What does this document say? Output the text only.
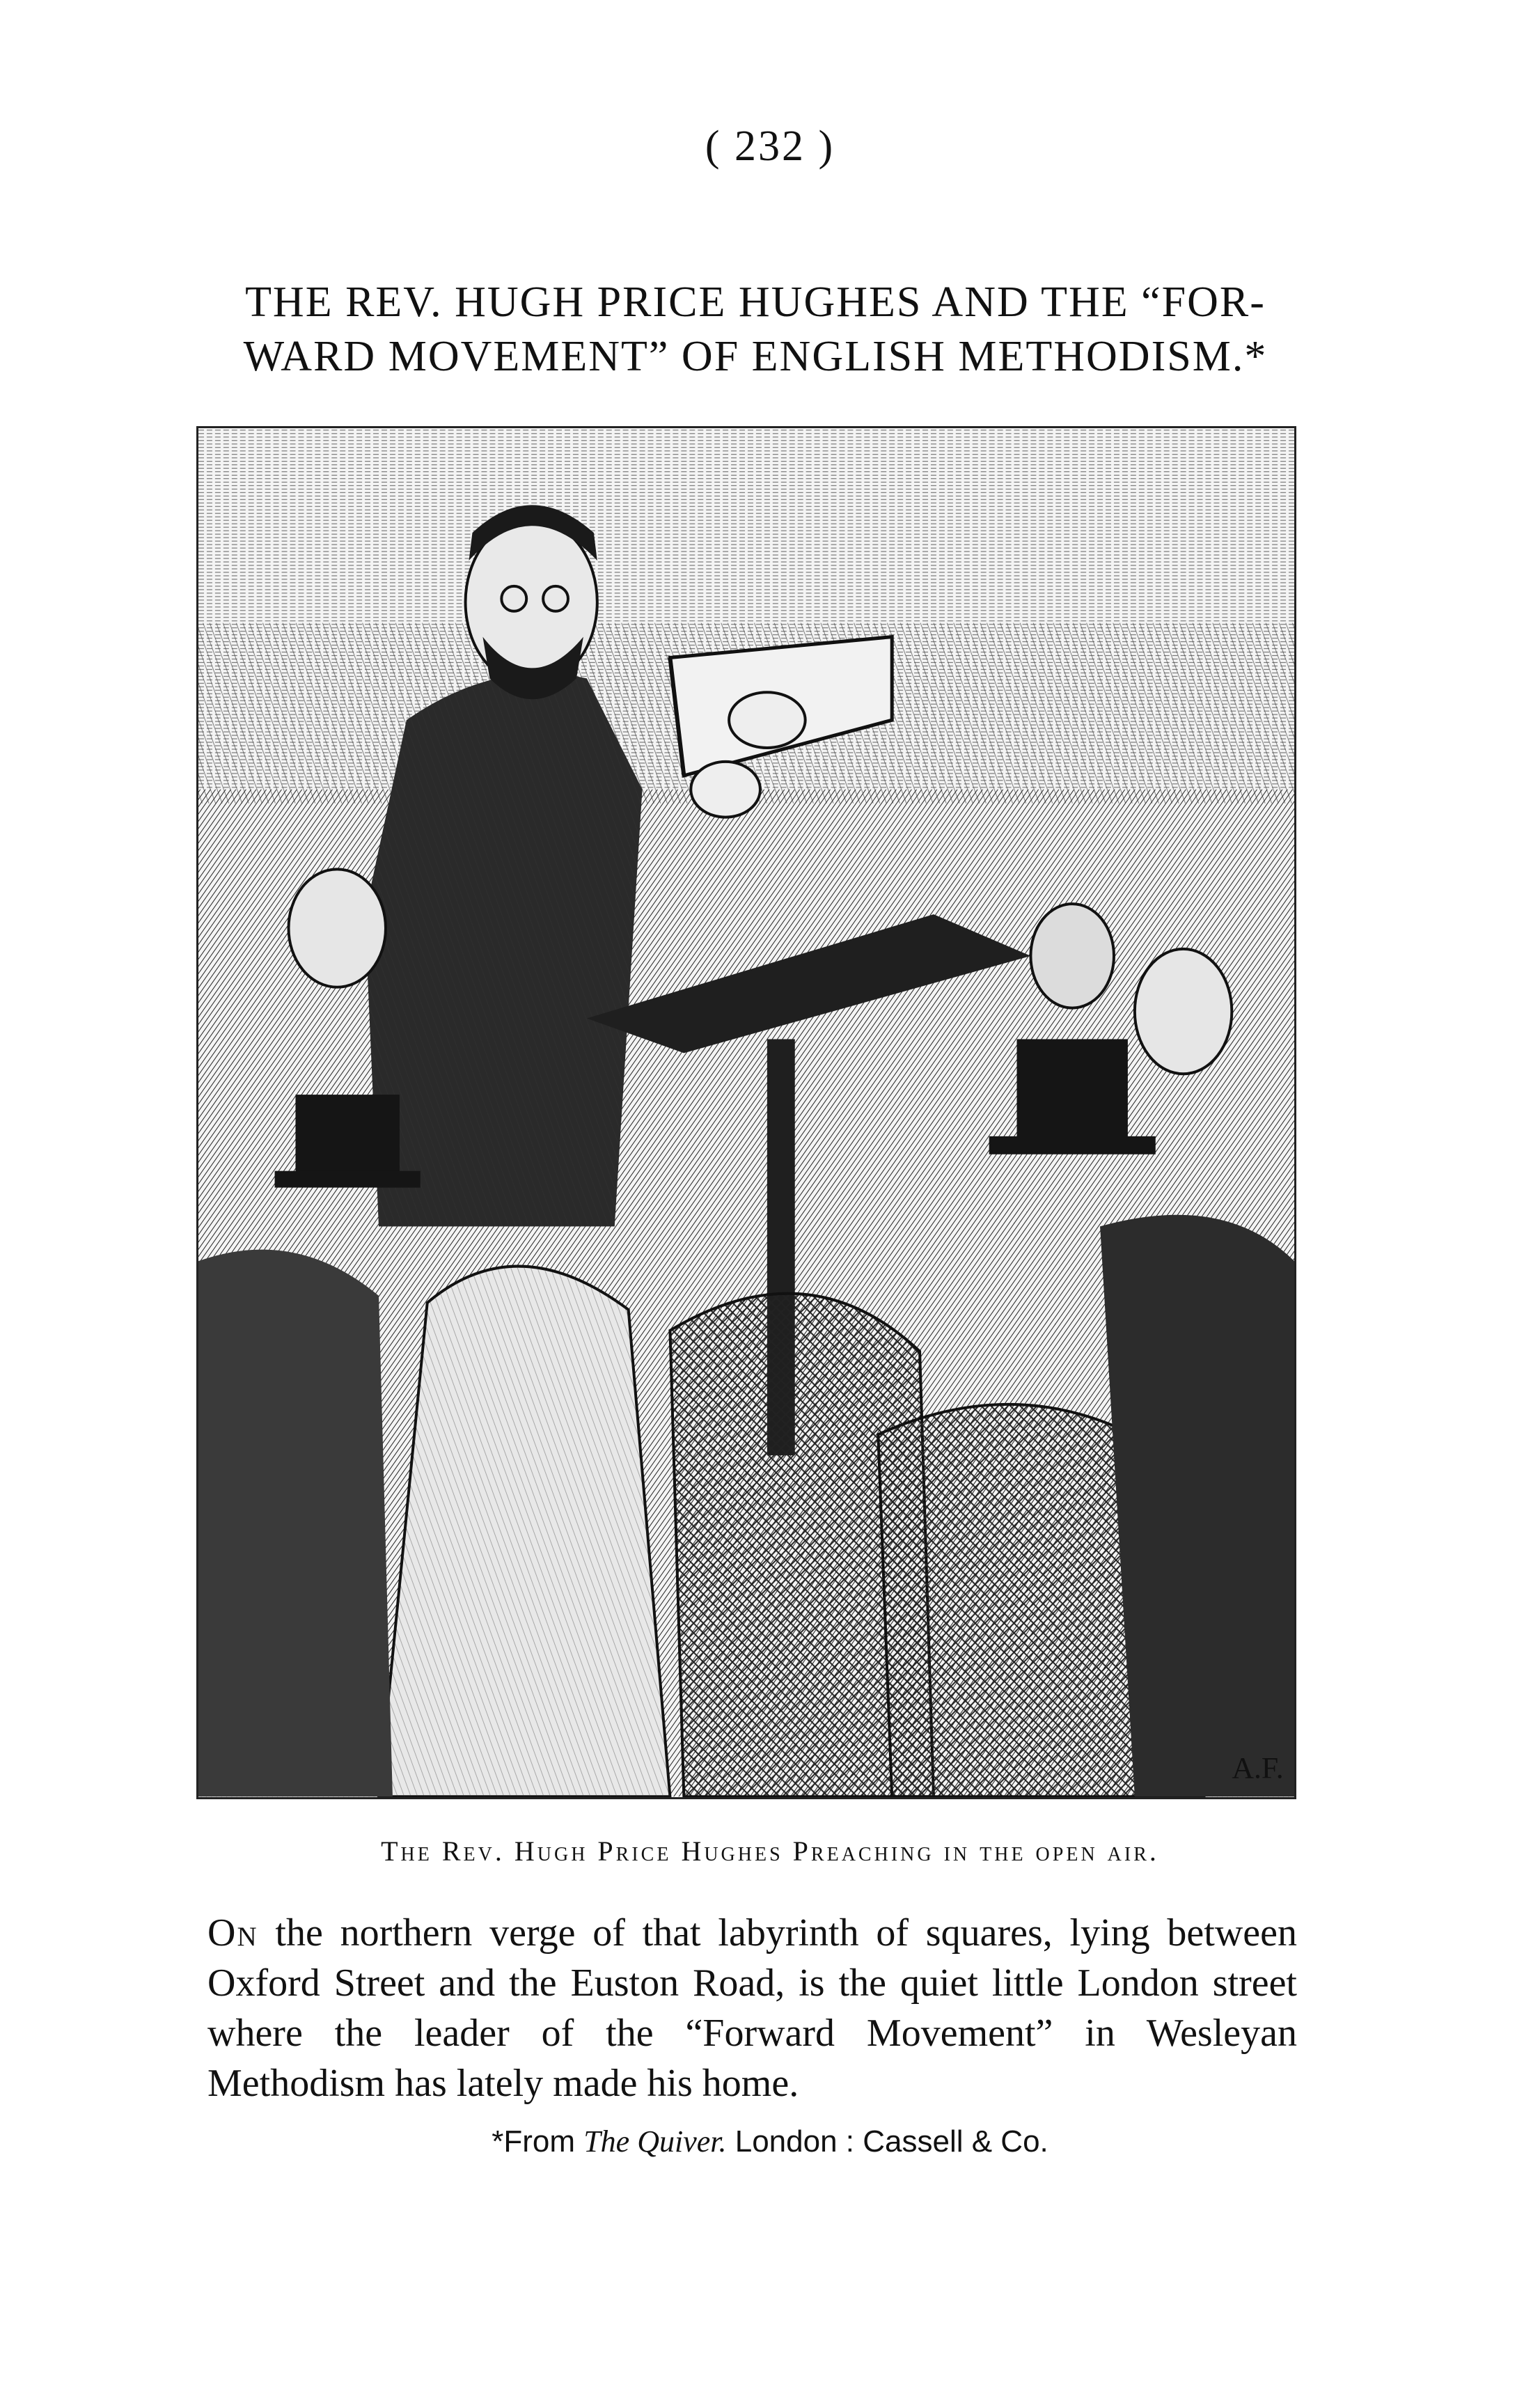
( 232 )
THE REV. HUGH PRICE HUGHES AND THE “FOR-
WARD MOVEMENT” OF ENGLISH METHODISM.*
A.F.
The Rev. Hugh Price Hughes Preaching in the open air.
On the northern verge of that labyrinth of squares, lying between Oxford Street and the Euston Road, is the quiet little London street where the leader of the “Forward Movement” in Wesleyan Methodism has lately made his home.
*From The Quiver. London : Cassell & Co.
